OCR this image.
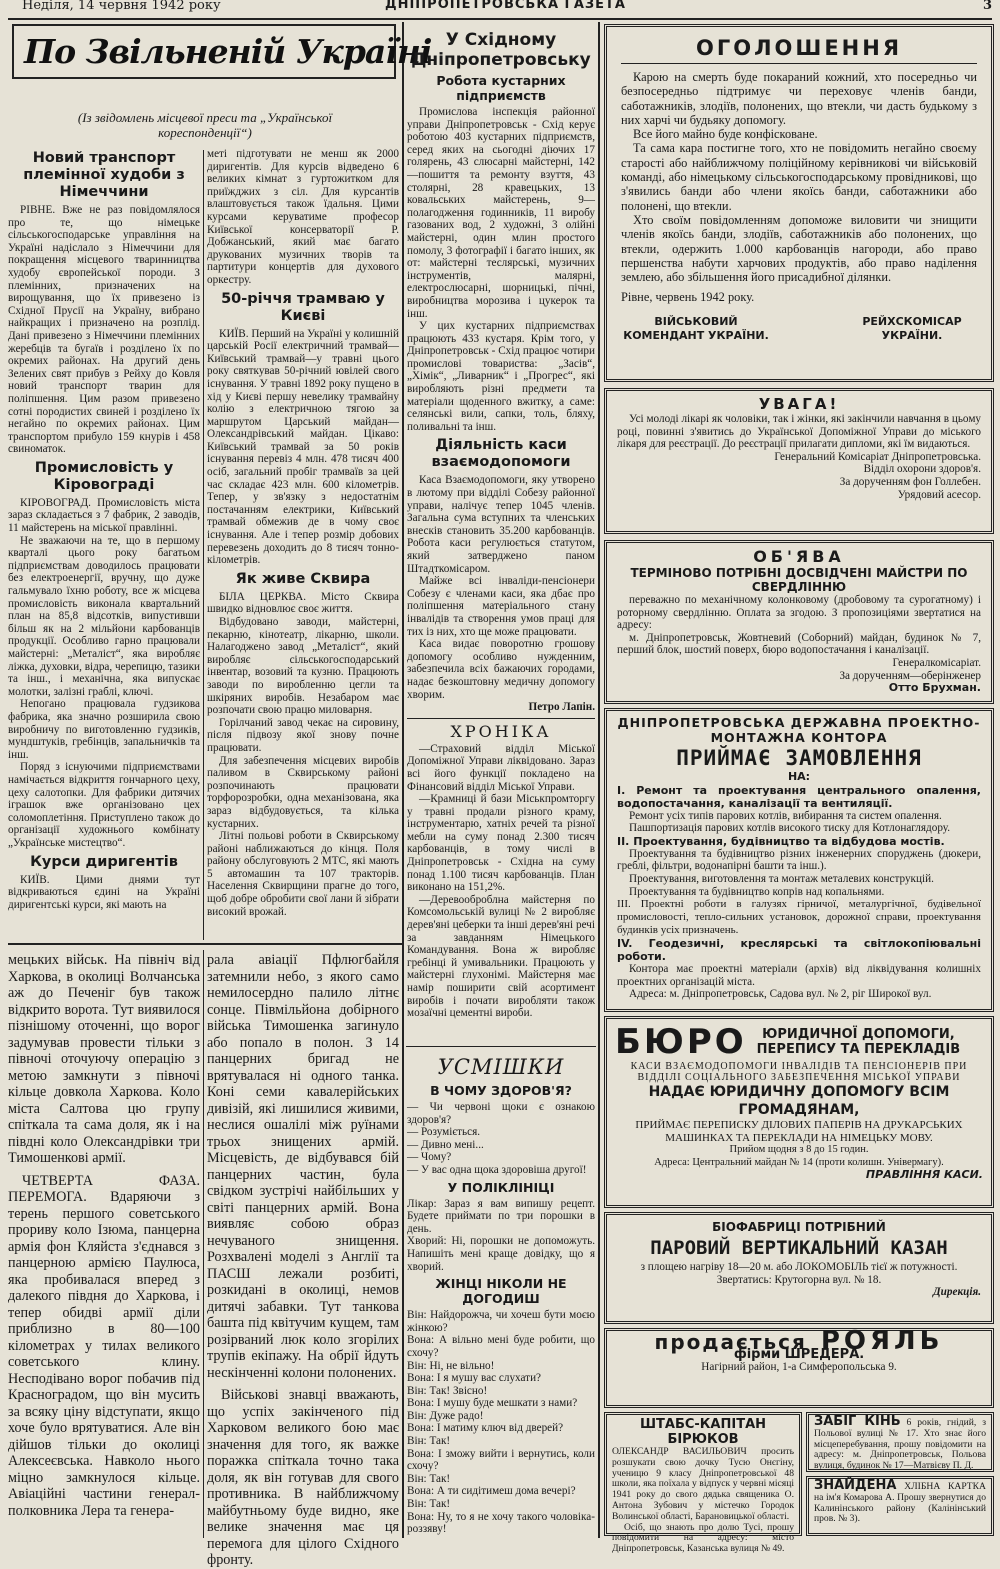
Неділя, 14 червня 1942 року	ДНІПРОПЕТРОВСЬКА ГАЗЕТА	3
По Звільненій Україні
(Із звідомлень місцевої преси та „Української кореспонденції“)
Новий транспорт племінної худоби з Німеччини

РІВНЕ. Вже не раз повідомлялося про те, що німецьке сільськогосподарське управління на Україні надіслало з Німеччини для покращення місцевого тваринництва худобу європейської породи. З племінних, призначених на вирощування, що їх привезено із Східної Прусії на Україну, вибрано найкращих і призначено на розплід. Дані привезено з Німеччини племінних жеребців та бугаїв і розділено їх по окремих районах. На другий день Зелених свят прибув з Рейху до Ковля новий транспорт тварин для поліпшення. Цим разом привезено сотні породистих свиней і розділено їх негайно по окремих районах. Цим транспортом прибуло 159 кнурів і 458 свиноматок.

Промисловість у Кіровограді

КІРОВОГРАД. Промисловість міста зараз складається з 7 фабрик, 2 заводів, 11 майстерень на міської правлінні.

Не зважаючи на те, що в першому кварталі цього року багатьом підприємствам доводилось працювати без електроенергії, вручну, що дуже гальмувало їхню роботу, все ж місцева промисловість виконала квартальний план на 85,8 відсотків, випустивши більш як на 2 мільйони карбованців продукції. Особливо гарно працювали майстерні: „Металіст“, яка виробляє ліжка, духовки, відра, черепицю, тазики та інш., і механічна, яка випускає молотки, залізні граблі, ключі.

Непогано працювала гудзикова фабрика, яка значно розширила свою виробничу по виготовленню гудзиків, мундштуків, гребінців, запальничків та інш.

Поряд з існуючими підприємствами намічається відкриття гончарного цеху, цеху салотопки. Для фабрики дитячих іграшок вже організовано цех соломоплетіння. Приступлено також до організації художнього комбінату „Українське мистецтво“.

Курси диригентів

КИЇВ. Цими днями тут відкриваються єдині на Україні диригентські курси, які мають на

меті підготувати не менш як 2000 диригентів. Для курсів відведено 6 великих кімнат з гуртожитком для приїжджих з сіл. Для курсантів влаштовується також їдальня. Цими курсами керуватиме професор Київської консерваторії Р. Добжанський, який має багато друкованих музичних творів та партитури концертів для духового оркестру.

50-річчя трамваю у Києві

КИЇВ. Перший на Україні у колишній царській Росії електричний трамвай—Київський трамвай—у травні цього року святкував 50-річний ювілей свого існування. У травні 1892 року пущено в хід у Києві першу невелику трамвайну колію з електричною тягою за маршрутом Царський майдан—Олександрівський майдан. Цікаво: Київський трамвай за 50 років існування перевіз 4 млн. 478 тисяч 400 осіб, загальний пробіг трамваїв за цей час складає 423 млн. 600 кілометрів. Тепер, у зв'язку з недостатнім постачанням електрики, Київський трамвай обмежив де в чому своє існування. Але і тепер розмір добових перевезень доходить до 8 тисяч тонно-кілометрів.

Як живе Сквира

БІЛА ЦЕРКВА. Місто Сквира швидко відновлює своє життя.

Відбудовано заводи, майстерні, пекарню, кінотеатр, лікарню, школи. Налагоджено завод „Металіст“, який виробляє сільськогосподарський інвентар, возовий та кузню. Працюють заводи по виробленню цегли та шкіряних виробів. Незабаром має розпочати свою працю миловарня.

Горілчаний завод чекає на сировину, після підвозу якої знову почне працювати.

Для забезпечення місцевих виробів паливом в Сквирському районі розпочинають працювати торфорозробки, одна механізована, яка зараз відбудовується, та кілька кустарних.

Літні польові роботи в Сквирському районі наближаються до кінця. Поля району обслуговують 2 МТС, які мають 5 автомашин та 107 тракторів. Населення Сквирщини прагне до того, щоб добре обробити свої лани й зібрати високий врожай.

У Східному Дніпропетровську
Робота кустарних підприємств

Промислова інспекція районної управи Дніпропетровськ - Схід керує роботою 403 кустарних підприємств, серед яких на сьогодні діючих 17 голярень, 43 слюсарні майстерні, 142—пошиття та ремонту взуття, 43 столярні, 28 кравецьких, 13 ковальських майстерень, 9—полагодження годинників, 11 виробу газованих вод, 2 художні, 3 олійні майстерні, один млин простого помолу, 3 фотографії і багато інших, як от: майстерні теслярські, музичних інструментів, малярні, електрослюсарні, шорницькі, пічні, виробництва морозива і цукерок та інш.

У цих кустарних підприємствах працюють 433 кустаря. Крім того, у Дніпропетровськ - Схід працює чотири промислові товариства: „Засів“, „Хімік“, „Ливарник“ і „Прогрес“, які виробляють різні предмети та матеріали щоденного вжитку, а саме: селянські вили, сапки, толь, бляху, поливальні та інш.

Діяльність каси взаємодопомоги

Каса Взаємодопомоги, яку утворено в лютому при відділі Собезу районної управи, налічує тепер 1045 членів. Загальна сума вступних та членських внесків становить 35.200 карбованців. Робота каси регулюється статутом, який затверджено паном Штадткомісаром.

Майже всі інваліди-пенсіонери Собезу є членами каси, яка дбає про поліпшення матеріального стану інвалідів та створення умов праці для тих із них, хто ще може працювати.

Каса видає поворотню грошову допомогу особливо нужденним, забезпечила всіх бажаючих городами, надає безкоштовну медичну допомогу хворим.

Петро Лапін.
ХРОНІКА

—Страховий відділ Міської Допомiжної Управи ліквідовано. Зараз всі його функції покладено на Фінансовий відділ Міської Управи.

—Крамниці й бази Міськпромторгу у травні продали різного краму, інструментарю, хатніх речей та різної мебли на суму понад 2.300 тисяч карбованців, в тому числі в Дніпропетровськ - Східна на суму понад 1.100 тисяч карбованців. План виконано на 151,2%.

—Деревооброблна майстерня по Комсомольській вулиці № 2 виробляє дерев'яні цеберки та інші дерев'яні речі за завданням Німецького Командування. Вона ж виробляє гребінці й умивальники. Працюють у майстерні глухонімі. Майстерня має намір поширити свій асортимент виробів і почати виробляти також мозаїчні цементні вироби.

УСМІШКИ
В ЧОМУ ЗДОРОВ'Я?

— Чи червоні щоки є ознакою здоров'я?

— Розуміється.

— Дивно мені...

— Чому?

— У вас одна щока здоровіша другої!

У ПОЛІКЛІНІЦІ

Лікар: Зараз я вам випишу рецепт. Будете приймати по три порошки в день.

Хворий: Ні, порошки не допоможуть. Напишіть мені краще довідку, що я хворий.

ЖІНЦІ НІКОЛИ НЕ ДОГОДИШ

Він: Найдорожча, чи хочеш бути моєю жінкою?

Вона: А вільно мені буде робити, що схочу?

Він: Ні, не вільно!

Вона: І я мушу вас слухати?

Він: Так! Звісно!

Вона: І мушу буде мешкати з нами?

Він: Дуже радо!

Вона: І матиму ключ від дверей?

Він: Так!

Вона: І зможу вийти і вернутись, коли схочу?

Він: Так!

Вона: А ти сидітимеш дома вечері?

Він: Так!

Вона: Ну, то я не хочу такого чоловіка-роззяву!

мецьких військ. На північ від Харкова, в околиці Волчанська аж до Печеніг був також відкрито ворота. Тут виявилося пізнішому оточенні, що ворог задумував провести тільки з півночі оточуючу операцію з метою замкнути з півночі кільце довкола Харкова. Коло міста Салтова цю групу спіткала та сама доля, як і на півдні коло Олександрівки три Тимошенкові армії.

ЧЕТВЕРТА ФАЗА. ПЕРЕМОГА. Вдаряючи з терень першого советського прориву коло Ізюма, панцерна армія фон Кляйста з'єднався з панцерною армією Паулюса, яка пробивалася вперед з далекого півдня до Харкова, і тепер обидві армії діли приблизно в 80—100 кілометрах у тилах великого советського клину. Несподівано ворог побачив під Красноградом, що він мусить за всяку ціну відступати, якщо хоче було врятуватися. Але він дійшов тільки до околиці Алексеєвська. Навколо нього міцно замкнулося кільце. Авіаційні частини генерал-полковника Лера та генера-

рала авіації Пфлюгбайля затемнили небо, з якого само немилосердно палило літнє сонце. Півмільйона добірного війська Тимошенка загинуло або попало в полон. З 14 панцерних бригад не врятувалася ні одного танка. Коні семи кавалерійських дивізій, які лишилися живими, неслися ошалілі між руїнами трьох знищених армій. Місцевість, де відбувався бій панцерних частин, була свідком зустрічі найбільших у світі панцерних армій. Вона виявляє собою образ нечуваного знищення. Розхвалені моделі з Англії та ПАСШ лежали розбиті, розкидані в околиці, немов дитячі забавки. Тут танкова башта під квітучим кущем, там розірваний люк коло згорілих трупів екіпажу. На обрії йдуть нескінченні колони полонених.

Військові знавці вважають, що успіх закінченого під Харковом великого бою має значення для того, як важке поражка спіткала точно така доля, як він готував для свого противника. В найближчому майбутньому буде видно, яке велике значення має ця перемога для цілого Східного фронту.

ОГОЛОШЕННЯ

Карою на смерть буде покараний кожний, хто посередньо чи безпосередньо підтримує чи переховує членів банди, саботажників, злодіїв, полонених, що втекли, чи дасть будькому з них харчі чи будьяку допомогу.

Все його майно буде конфісковане.

Та сама кара постигне того, хто не повідомить негайно своєму старості або найближчому поліційному керівникові чи військовій команді, або німецькому сільськогосподарському провідникові, що з'явились банди або члени якоїсь банди, саботажники або полонені, що втекли.

Хто своїм повідомленням допоможе виловити чи знищити членів якоїсь банди, злодіїв, саботажників або полонених, що втекли, одержить 1.000 карбованців нагороди, або право першенства набути харчових продуктів, або право наділення землею, або збільшення його присадибної ділянки.

Рівне, червень 1942 року.
ВІЙСЬКОВИЙ КОМЕНДАНТ УКРАЇНИ.
РЕЙХСКОМІСАР УКРАЇНИ.
УВАГА!

Усі молоді лікарі як чоловіки, так і жінки, які закінчили навчання в цьому році, повинні з'явитись до Української Допоміжної Управи до міського лікаря для реєстрації. До реєстрації прилагати дипломи, які їм видаються.

Генеральний Комісаріат Дніпропетровська.
Відділ охорони здоров'я.
За дорученням фон Голлебен.
Урядовий асесор.
ОБ'ЯВА
ТЕРМІНОВО ПОТРІБНІ ДОСВІДЧЕНІ МАЙСТРИ ПО СВЕРДЛІННЮ

переважно по механічному колонковому (дробовому та сурогатному) і роторному свердлінню. Оплата за згодою. З пропозиціями звертатися на адресу:

м. Дніпропетровськ, Жовтневий (Соборний) майдан, будинок № 7, перший блок, шостий поверх, бюро водопостачання і каналізації.

Генералкомісаріат.
За дорученням—оберінженер
Отто Брухман.
ДНІПРОПЕТРОВСЬКА ДЕРЖАВНА ПРОЕКТНО-МОНТАЖНА КОНТОРА
ПРИЙМАЄ ЗАМОВЛЕННЯ
НА:
I. Ремонт та проектування центрального опалення, водопостачання, каналізації та вентиляції.

Ремонт усіх типів парових котлів, вибирання та систем опалення.

Пашпортизація парових котлів високого тиску для Котлонаглядору.

II. Проектування, будівництво та відбудова мостів.

Проектування та будівництво різних інженерних споруджень (дюкери, греблі, фільтри, водонапірні башти та інш.).

Проектування, виготовлення та монтаж металевих конструкцій.

Проектування та будівництво копрів над копальнями.

III. Проектні роботи в галузях гірничої, металургічної, будівельної промисловості, тепло-сильних установок, дорожної справи, проектування будинків усіх призначень.
IV. Геодезичні, креслярські та світлокопіювальні роботи.

Контора має проектні матеріали (архів) від ліквідування колишніх проектних організацій міста.

Адреса: м. Дніпропетровськ, Садова вул. № 2, ріг Широкої вул.

БЮРО	ЮРИДИЧНОЇ ДОПОМОГИ,
ПЕРЕПИСУ ТА ПЕРЕКЛАДІВ
КАСИ ВЗАЄМОДОПОМОГИ ІНВАЛІДІВ ТА ПЕНСІОНЕРІВ ПРИ ВІДДІЛІ СОЦІАЛЬНОГО ЗАБЕЗПЕЧЕННЯ МІСЬКОЇ УПРАВИ
НАДАЄ ЮРИДИЧНУ ДОПОМОГУ ВСІМ ГРОМАДЯНАМ,
ПРИЙМАЄ ПЕРЕПИСКУ ДІЛОВИХ ПАПЕРІВ НА ДРУКАРСЬКИХ МАШИНКАХ ТА ПЕРЕКЛАДИ НА НІМЕЦЬКУ МОВУ.
Прийом щодня з 8 до 15 годин.
Адреса: Центральний майдан № 14 (проти колишн. Універмагу).
ПРАВЛІННЯ КАСИ.
БІОФАБРИЦІ ПОТРІБНИЙ
ПАРОВИЙ ВЕРТИКАЛЬНИЙ КАЗАН
з площею нагріву 18—20 м. або ЛОКОМОБІЛЬ тієї ж потужності.
Звертатись: Крутогорна вул. № 18.
Дирекція.
продається РОЯЛЬ
фірми ШРЕДЕРА.
Нагірний район, 1-а Симферопольська 9.
ШТАБС-КАПІТАН БІРЮКОВ

ОЛЕКСАНДР ВАСИЛЬОВИЧ просить розшукати свою дочку Тусю Онєгіну, ученицю 9 класу Дніпропетровської 48 школи, яка поїхала у відпуск у червні місяці 1941 року до свого дядька священика О. Антона Зубович у містечко Городок Волинської області, Барановицької області.

Осіб, що знають про долю Тусі, прошу повідомити на адресу: місто Дніпропетровськ, Казанська вулиця № 49.

ЗАБІГ КІНЬ 6 років, гнідий, з Польової вулиці № 17. Хто знає його місцеперебування, прошу повідомити на адресу: м. Дніпропетровськ, Польова вулиця, будинок № 17—Матвієву П. Д.
ЗНАЙДЕНА ХЛІБНА КАРТКА на ім'я Комарова А. Прошу звернутися до Калинінського району (Калінінський пров. № 3).
